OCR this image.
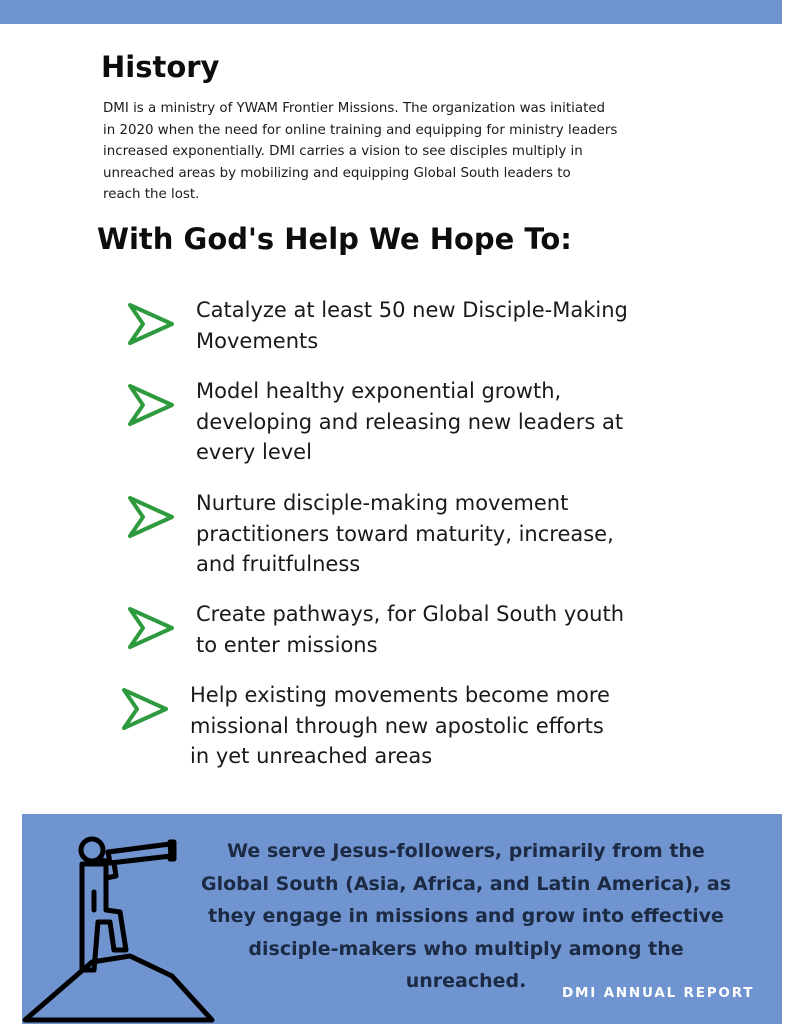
History

DMI is a ministry of YWAM Frontier Missions. The organization was initiated
in 2020 when the need for online training and equipping for ministry leaders
increased exponentially. DMI carries a vision to see disciples multiply in
unreached areas by mobilizing and equipping Global South leaders to
reach the lost.

With God's Help We Hope To:

Catalyze at least 50 new Disciple-Making
Movements

Model healthy exponential growth,
developing and releasing new leaders at
every level

Nurture disciple-making movement
practitioners toward maturity, increase,
and fruitfulness

Create pathways, for Global South youth
to enter missions

Help existing movements become more
missional through new apostolic efforts
in yet unreached areas

We serve Jesus-followers, primarily from the
Global South (Asia, Africa, and Latin America), as
they engage in missions and grow into effective
disciple-makers who multiply among the
unreached.

DMI ANNUAL REPORT
